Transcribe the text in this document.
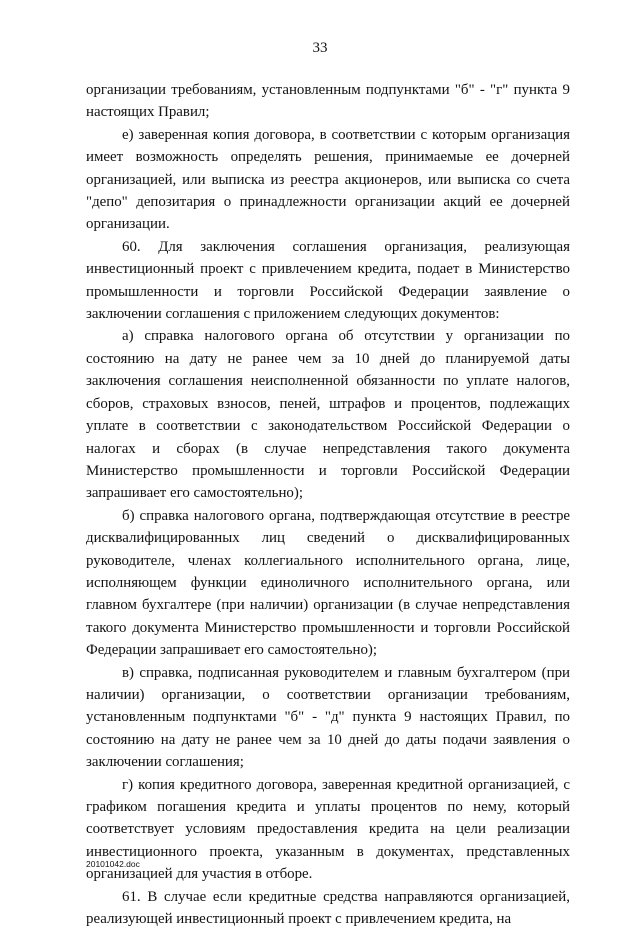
33

организации требованиям, установленным подпунктами "б" - "г" пункта 9 настоящих Правил;

е) заверенная копия договора, в соответствии с которым организация имеет возможность определять решения, принимаемые ее дочерней организацией, или выписка из реестра акционеров, или выписка со счета "депо" депозитария о принадлежности организации акций ее дочерней организации.

60. Для заключения соглашения организация, реализующая инвестиционный проект с привлечением кредита, подает в Министерство промышленности и торговли Российской Федерации заявление о заключении соглашения с приложением следующих документов:

а) справка налогового органа об отсутствии у организации по состоянию на дату не ранее чем за 10 дней до планируемой даты заключения соглашения неисполненной обязанности по уплате налогов, сборов, страховых взносов, пеней, штрафов и процентов, подлежащих уплате в соответствии с законодательством Российской Федерации о налогах и сборах (в случае непредставления такого документа Министерство промышленности и торговли Российской Федерации запрашивает его самостоятельно);

б) справка налогового органа, подтверждающая отсутствие в реестре дисквалифицированных лиц сведений о дисквалифицированных руководителе, членах коллегиального исполнительного органа, лице, исполняющем функции единоличного исполнительного органа, или главном бухгалтере (при наличии) организации (в случае непредставления такого документа Министерство промышленности и торговли Российской Федерации запрашивает его самостоятельно);

в) справка, подписанная руководителем и главным бухгалтером (при наличии) организации, о соответствии организации требованиям, установленным подпунктами "б" - "д" пункта 9 настоящих Правил, по состоянию на дату не ранее чем за 10 дней до даты подачи заявления о заключении соглашения;

г) копия кредитного договора, заверенная кредитной организацией, с графиком погашения кредита и уплаты процентов по нему, который соответствует условиям предоставления кредита на цели реализации инвестиционного проекта, указанным в документах, представленных организацией для участия в отборе.

61. В случае если кредитные средства направляются организацией, реализующей инвестиционный проект с привлечением кредита, на

20101042.doc
